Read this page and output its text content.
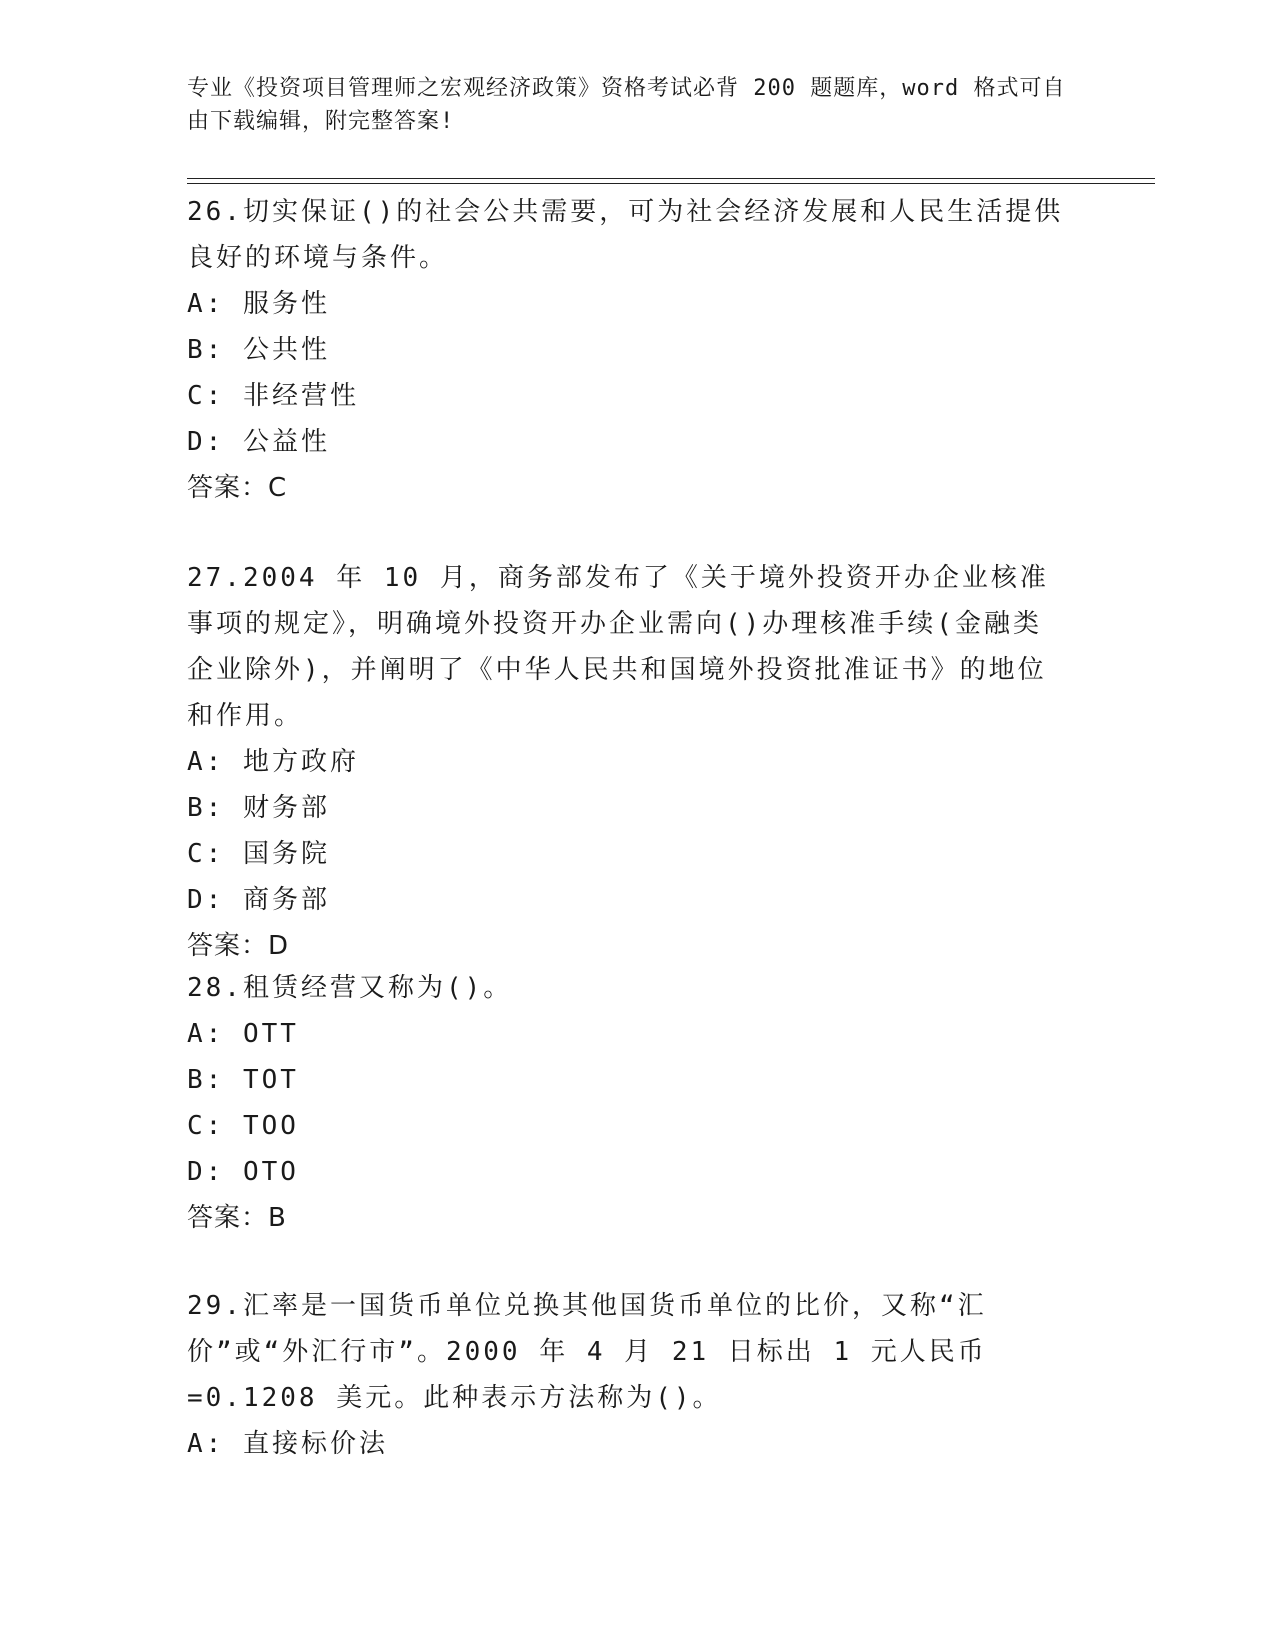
专业《投资项目管理师之宏观经济政策》资格考试必背 200 题题库，word 格式可自由下载编辑，附完整答案!
26.切实保证()的社会公共需要，可为社会经济发展和人民生活提供良好的环境与条件。
A: 服务性
B: 公共性
C: 非经营性
D: 公益性
答案：C
27.2004 年 10 月，商务部发布了《关于境外投资开办企业核准事项的规定》，明确境外投资开办企业需向()办理核准手续(金融类企业除外)，并阐明了《中华人民共和国境外投资批准证书》的地位和作用。
A: 地方政府
B: 财务部
C: 国务院
D: 商务部
答案：D
28.租赁经营又称为()。
A: OTT
B: TOT
C: TOO
D: OTO
答案：B
29.汇率是一国货币单位兑换其他国货币单位的比价，又称“汇价”或“外汇行市”。2000 年 4 月 21 日标出 1 元人民币=0.1208 美元。此种表示方法称为()。
A: 直接标价法
